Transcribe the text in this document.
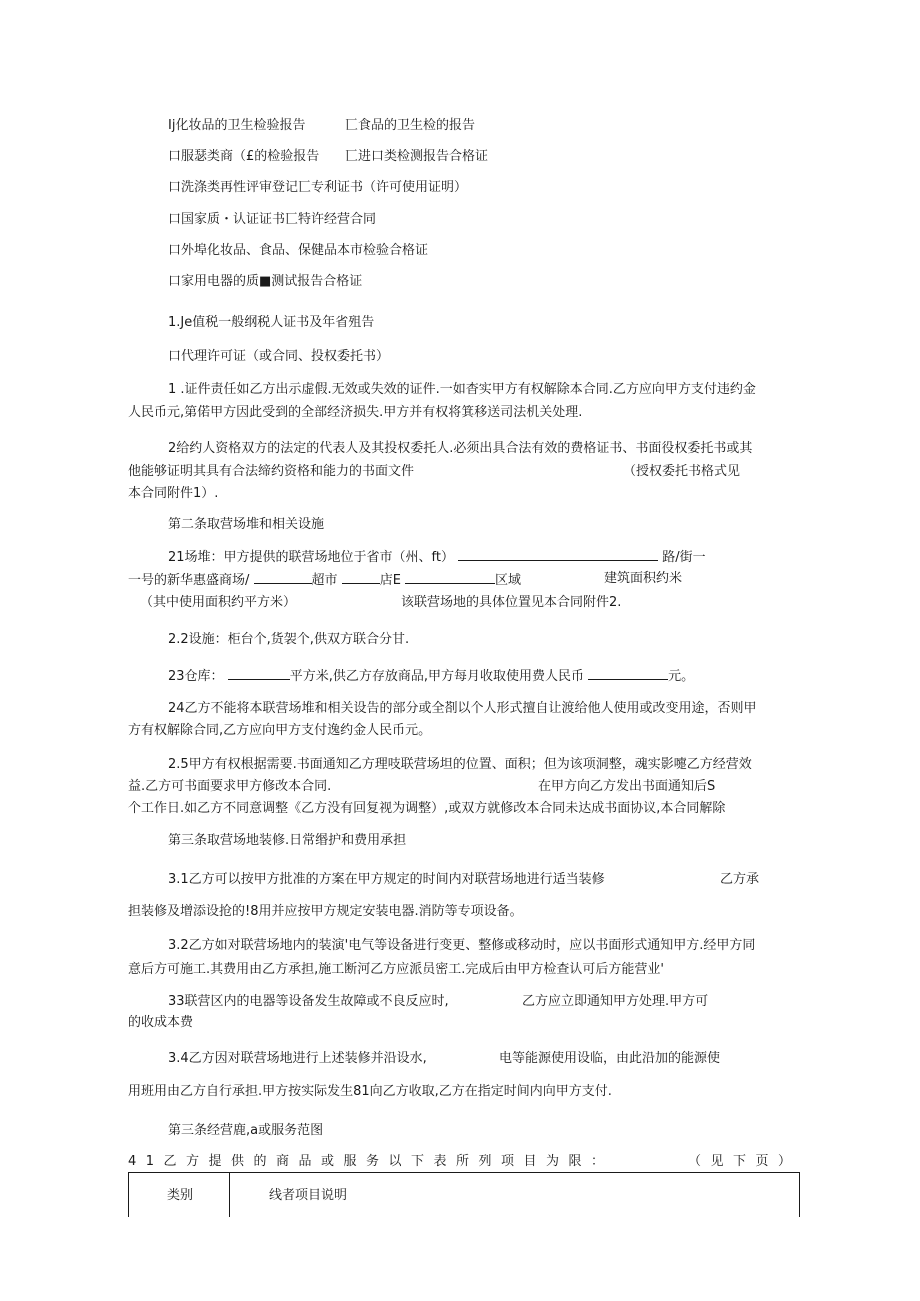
Ij化妆品的卫生检验报告	匸食品的卫生检的报告
口服瑟类商（£的检验报告 匸进口类检测报告合格证
口洗涤类再性评审登记匸专利证书（许可使用证明）
口国家质・认证证书匸特许经营合同
口外埠化妆品、食品、保健品本市检验合格证
口家用电器的质■测试报告合格证
1.Je值税一般纲税人证书及年省殂告
口代理许可证（或合同、投权委托书）
1 .证件责任如乙方出示虚假.无效或失效的证件.一如杳实甲方有权解除本合同.乙方应向甲方支付违约金
人民币元,第偌甲方因此受到的全部经济损失.甲方并有权将箕移送司法机关处理.
2给约人资格双方的法定的代表人及其投权委托人.必须出具合法有效的费格证书、书面役权委托书或其
他能够证明其具有合法缔约资格和能力的书面文件	（授权委托书格式见
本合同附件1）.
第二条取营场堆和相关设施
21场堆：甲方提供的联营场地位于省市（州、ft）	路/街一
一号的新华惠盛商场/	超市	店E	区域	建筑面积约米
（其中使用面积约平方米）	该联营场地的具体位置见本合同附件2.
2.2设施：柜台个,货袈个,供双方联合分甘.
23仓库：	平方米,供乙方存放商品,甲方每月收取使用费人民币	元。
24乙方不能将本联营场堆和相关设告的部分或全剳以个人形式擅自让渡给他人使用或改变用途，否则甲
方有权解除合同,乙方应向甲方支付逸约金人民币元。
2.5甲方有权根据需要.书面通知乙方理吱联营场坦的位置、面积；但为该项洞整，魂实影嚏乙方经营效
益.乙方可书面要求甲方修改本合同.	在甲方向乙方发出书面通知后S
个工作日.如乙方不同意调整《乙方没有回复视为调整）,或双方就修改本合同未达成书面协议,本合同解除
第三条取营场地装修.日常缗护和费用承担
3.1乙方可以按甲方批准的方案在甲方规定的时间内对联营场地进行适当装修	乙方承
担装修及增添设抢的!8用并应按甲方规定安装电器.消防等专项设备。
3.2乙方如对联营场地内的装演'电气等设备进行变更、整修或移动时，应以书面形式通知甲方.经甲方同
意后方可施工.其费用由乙方承担,施工断河乙方应派员密工.完成后由甲方检查认可后方能营业'
33联营区内的电器等设备发生故障或不良反应时,	乙方应立即通知甲方处理.甲方可
的收成本费
3.4乙方因对联营场地进行上述装修并沿设水,	电等能源使用设临，由此沿加的能源使
用班用由乙方自行承担.甲方按实际发生81向乙方收取,乙方在指定时间内向甲方支付.
第三条经营鹿,a或服务范图
41乙方提供的商品或服务以下表所列项目为限：	（见下页）
类别	线者项目说明
